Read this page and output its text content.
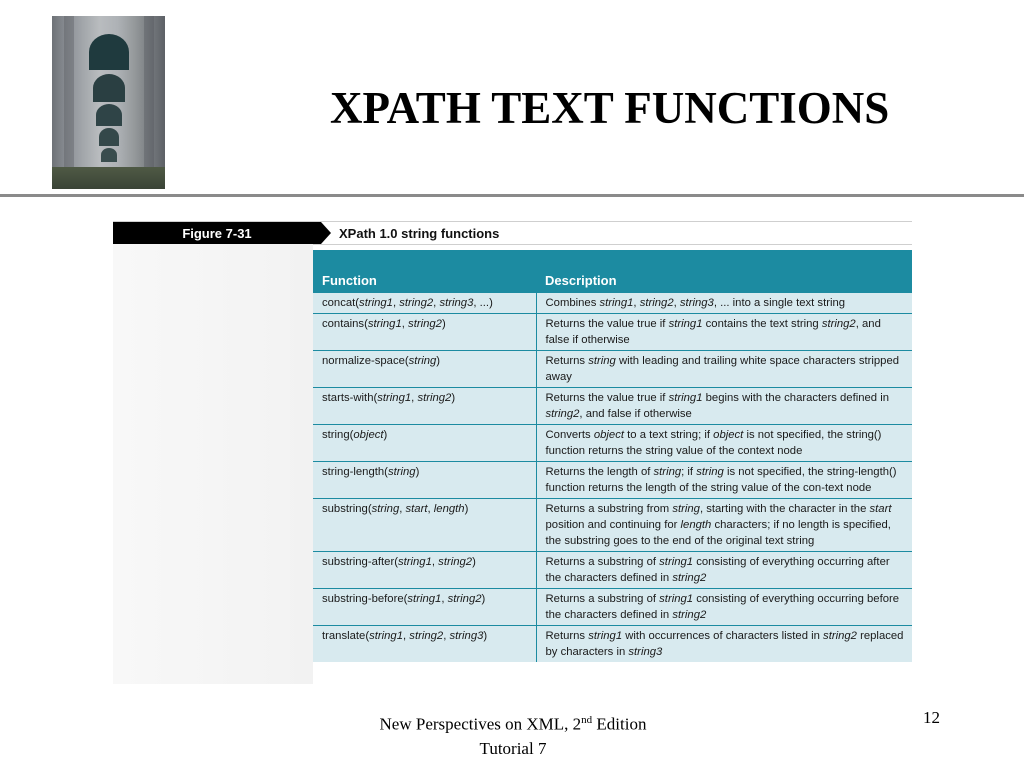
XPATH TEXT FUNCTIONS
Figure 7-31	XPath 1.0 string functions
Function	Description
concat(string1, string2, string3, ...)	Combines string1, string2, string3, ... into a single text string
contains(string1, string2)	Returns the value true if string1 contains the text string string2, and false if otherwise
normalize-space(string)	Returns string with leading and trailing white space characters stripped away
starts-with(string1, string2)	Returns the value true if string1 begins with the characters defined in string2, and false if otherwise
string(object)	Converts object to a text string; if object is not specified, the string() function returns the string value of the context node
string-length(string)	Returns the length of string; if string is not specified, the string-length() function returns the length of the string value of the con-text node
substring(string, start, length)	Returns a substring from string, starting with the character in the start position and continuing for length characters; if no length is specified, the substring goes to the end of the original text string
substring-after(string1, string2)	Returns a substring of string1 consisting of everything occurring after the characters defined in string2
substring-before(string1, string2)	Returns a substring of string1 consisting of everything occurring before the characters defined in string2
translate(string1, string2, string3)	Returns string1 with occurrences of characters listed in string2 replaced by characters in string3
New Perspectives on XML, 2nd Edition
Tutorial 7
12
